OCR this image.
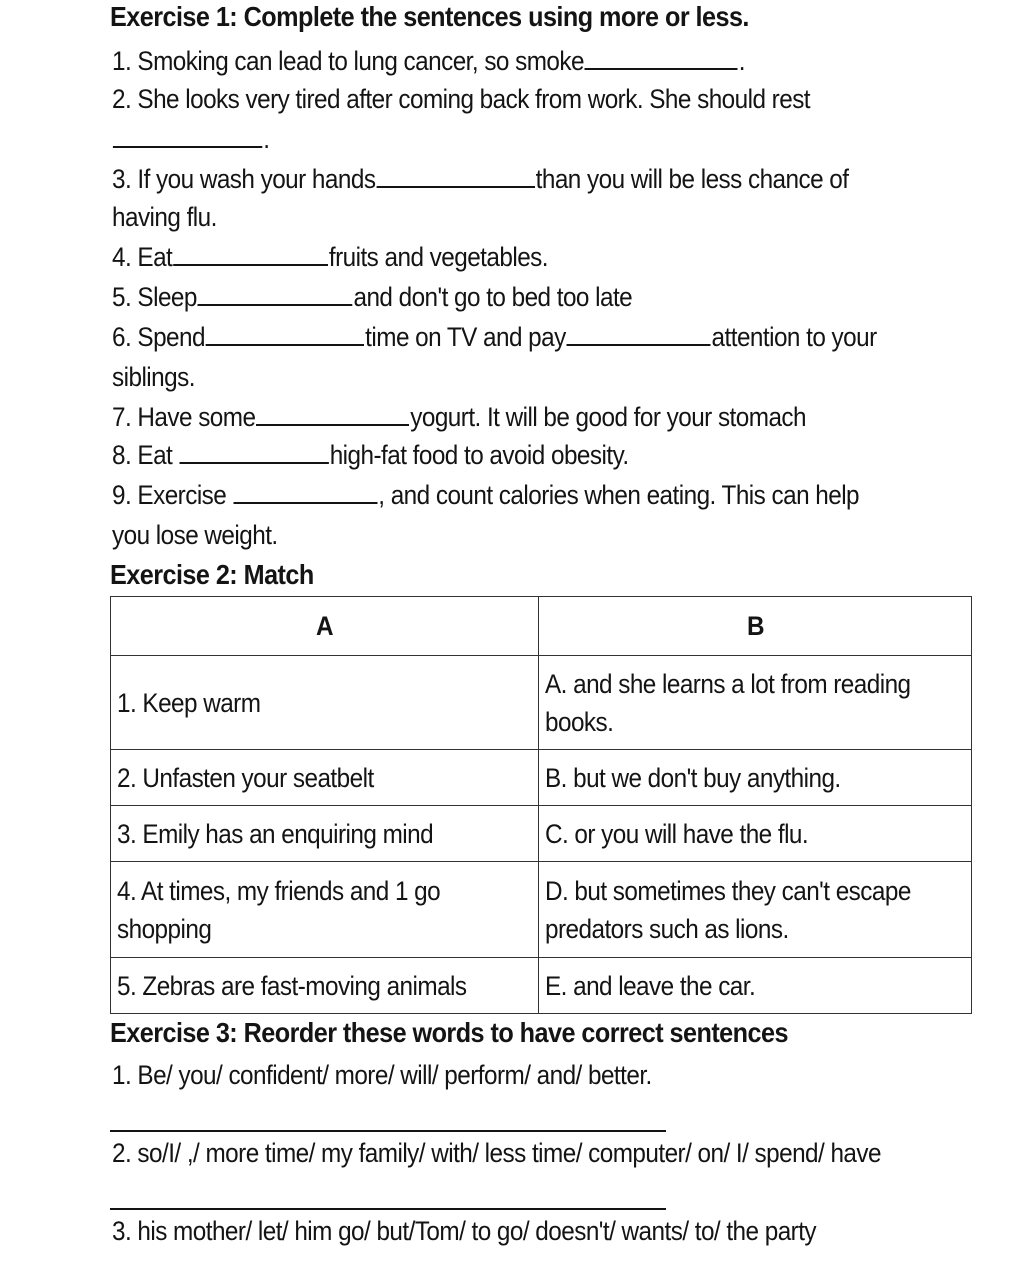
Exercise 1: Complete the sentences using more or less.
1. Smoking can lead to lung cancer, so smoke	.
2. She looks very tired after coming back from work. She should rest
.
3. If you wash your hands	than you will be less chance of
having flu.
4. Eat	fruits and vegetables.
5. Sleep	and don't go to bed too late
6. Spend	time on TV and pay	attention to your
siblings.
7. Have some	yogurt. It will be good for your stomach
8. Eat	high-fat food to avoid obesity.
9. Exercise	, and count calories when eating. This can help
you lose weight.
Exercise 2: Match
A	B
1. Keep warm	A. and she learns a lot from reading books.
2. Unfasten your seatbelt	B. but we don't buy anything.
3. Emily has an enquiring mind	C. or you will have the flu.
4. At times, my friends and 1 go shopping	D. but sometimes they can't escape predators such as lions.
5. Zebras are fast-moving animals	E. and leave the car.
Exercise 3: Reorder these words to have correct sentences
1. Be/ you/ confident/ more/ will/ perform/ and/ better.
2. so/I/ ,/ more time/ my family/ with/ less time/ computer/ on/ I/ spend/ have
3. his mother/ let/ him go/ but/Tom/ to go/ doesn't/ wants/ to/ the party
